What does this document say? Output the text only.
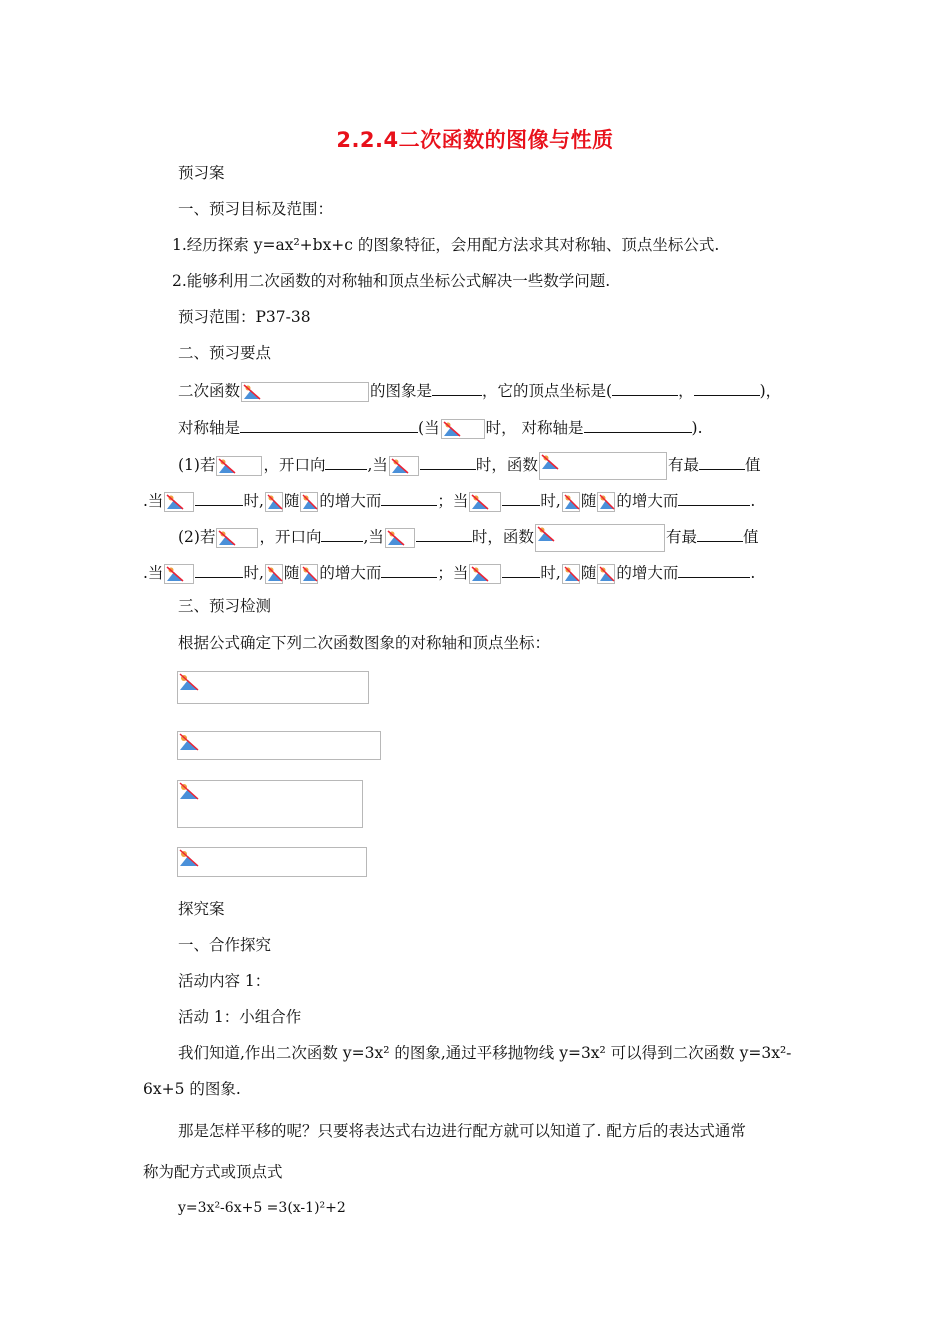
2.2.4二次函数的图像与性质
预习案
一、预习目标及范围：
1.经历探索 y=ax²+bx+c 的图象特征，会用配方法求其对称轴、顶点坐标公式.
2.能够利用二次函数的对称轴和顶点坐标公式解决一些数学问题.
预习范围：P37-38
二、预习要点
二次函数	的图象是	，它的顶点坐标是(	，	)，
对称轴是	(当	时， 对称轴是	).
(1)若	，开口向	,当	时，函数	有最	值
.当	时, 随 的增大而	；当	时, 随 的增大而	.
(2)若	，开口向	,当	时，函数	有最	值
.当	时, 随 的增大而	；当	时, 随 的增大而	.
三、预习检测
根据公式确定下列二次函数图象的对称轴和顶点坐标：
探究案
一、合作探究
活动内容 1：
活动 1：小组合作
我们知道,作出二次函数 y=3x² 的图象,通过平移抛物线 y=3x² 可以得到二次函数 y=3x²-
6x+5 的图象.
那是怎样平移的呢？只要将表达式右边进行配方就可以知道了. 配方后的表达式通常
称为配方式或顶点式
y=3x²-6x+5 =3(x-1)²+2
